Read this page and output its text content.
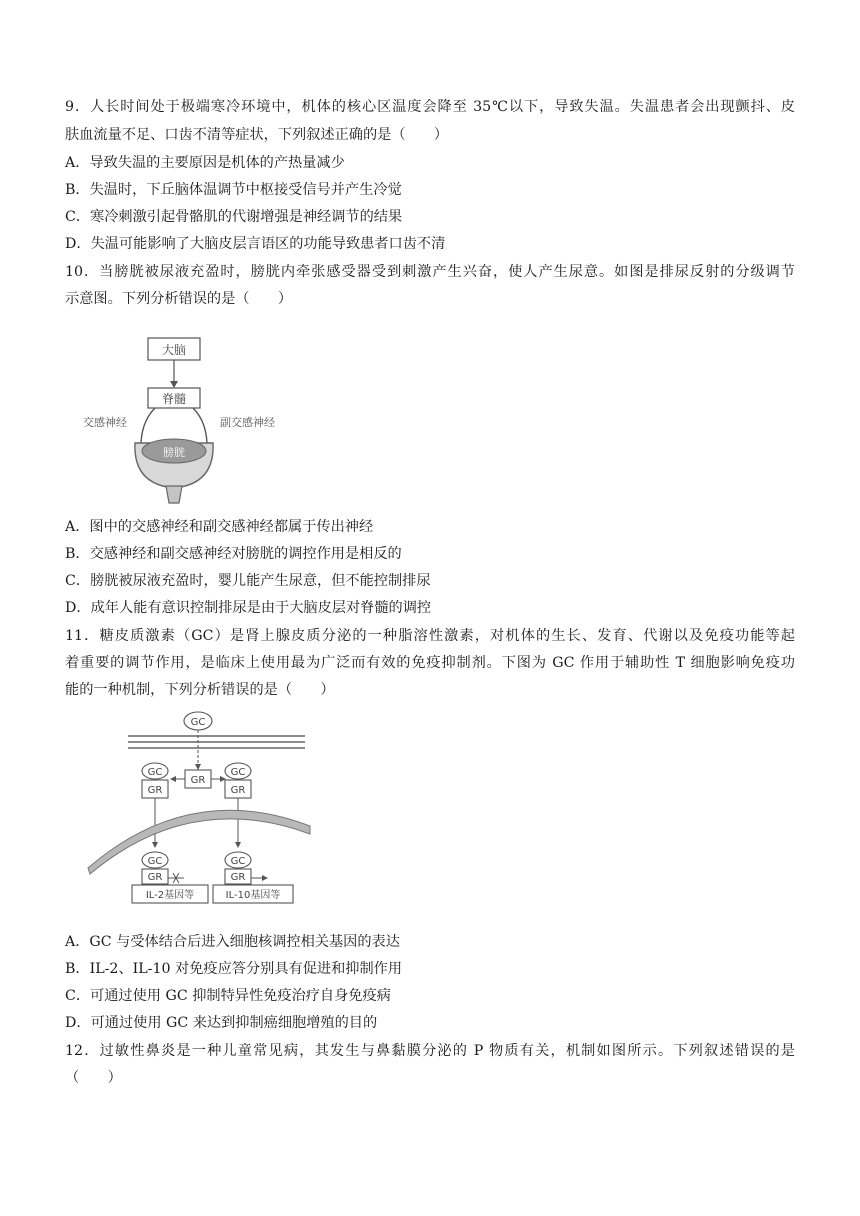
9．人长时间处于极端寒冷环境中，机体的核心区温度会降至 35℃以下，导致失温。失温患者会出现颤抖、皮
肤血流量不足、口齿不清等症状，下列叙述正确的是（　　）
A．导致失温的主要原因是机体的产热量减少
B．失温时，下丘脑体温调节中枢接受信号并产生冷觉
C．寒冷刺激引起骨骼肌的代谢增强是神经调节的结果
D．失温可能影响了大脑皮层言语区的功能导致患者口齿不清
10．当膀胱被尿液充盈时，膀胱内牵张感受器受到刺激产生兴奋，使人产生尿意。如图是排尿反射的分级调节
示意图。下列分析错误的是（　　）
大脑
脊髓
交感神经	副交感神经
膀胱
A．图中的交感神经和副交感神经都属于传出神经
B．交感神经和副交感神经对膀胱的调控作用是相反的
C．膀胱被尿液充盈时，婴儿能产生尿意，但不能控制排尿
D．成年人能有意识控制排尿是由于大脑皮层对脊髓的调控
11．糖皮质激素（GC）是肾上腺皮质分泌的一种脂溶性激素，对机体的生长、发育、代谢以及免疫功能等起
着重要的调节作用，是临床上使用最为广泛而有效的免疫抑制剂。下图为 GC 作用于辅助性 T 细胞影响免疫功
能的一种机制，下列分析错误的是（　　）
GC
GR
GC
GR
GC
GR
GC
GR
GC
GR
IL-2基因等	IL-10基因等
A．GC 与受体结合后进入细胞核调控相关基因的表达
B．IL-2、IL-10 对免疫应答分别具有促进和抑制作用
C．可通过使用 GC 抑制特异性免疫治疗自身免疫病
D．可通过使用 GC 来达到抑制癌细胞增殖的目的
12．过敏性鼻炎是一种儿童常见病，其发生与鼻黏膜分泌的 P 物质有关，机制如图所示。下列叙述错误的是
（　　）
